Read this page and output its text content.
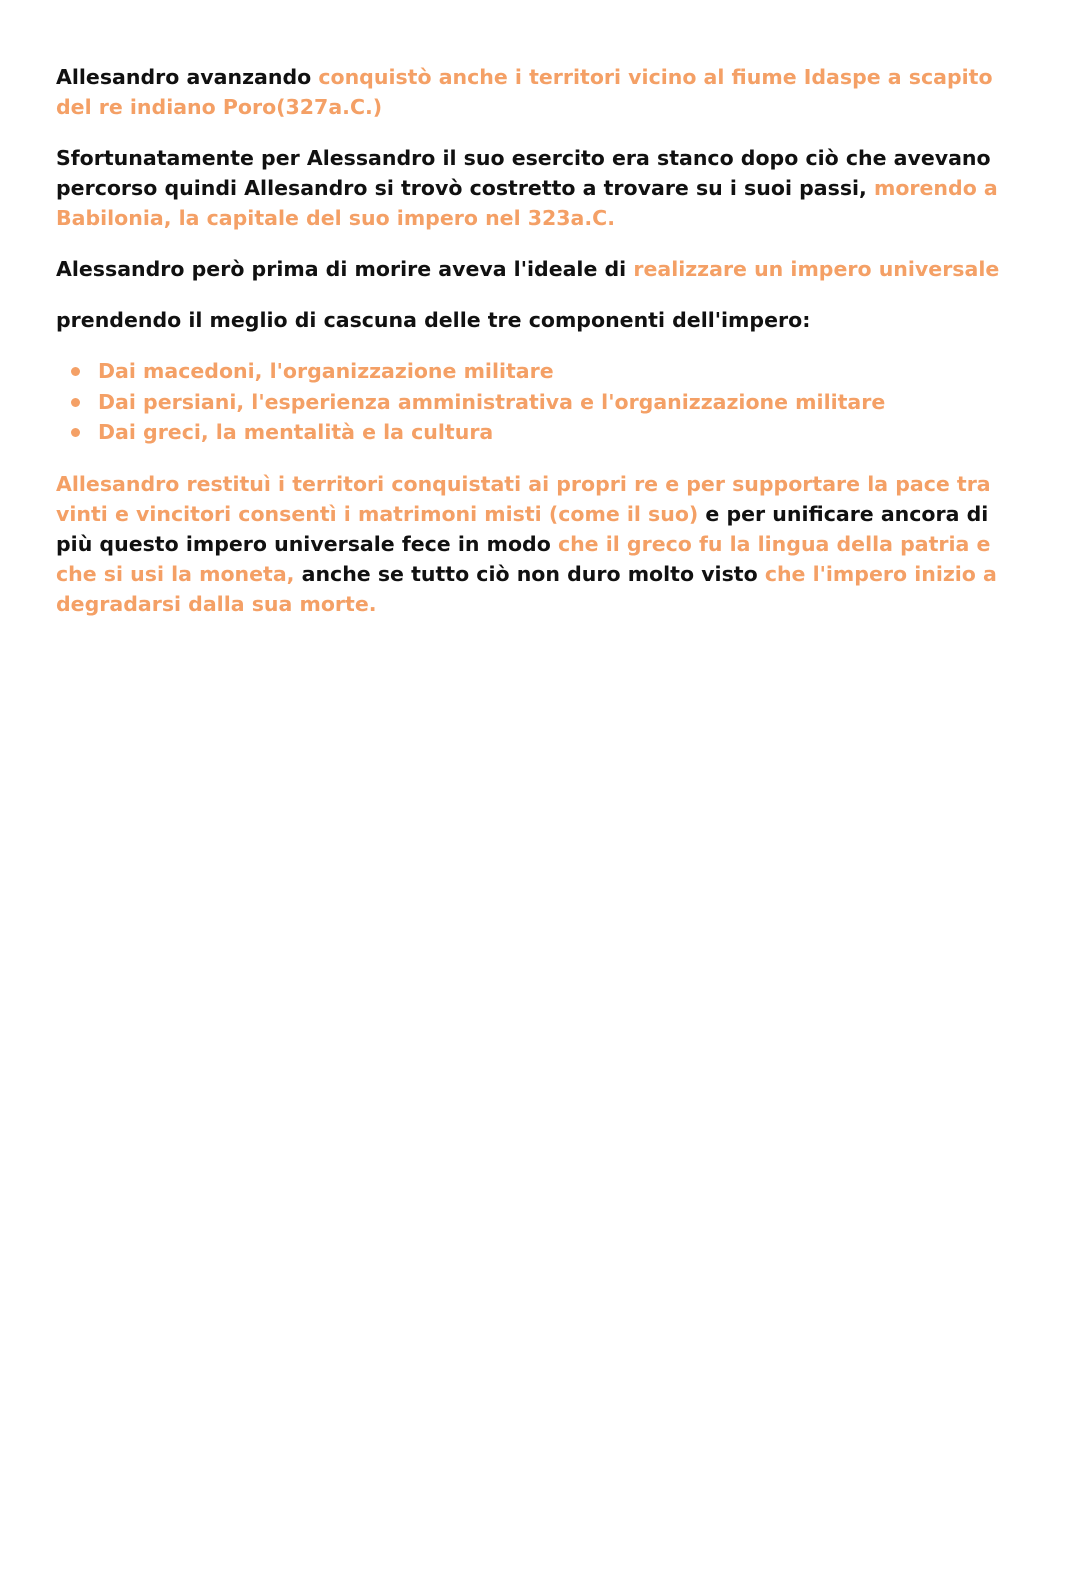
Allesandro avanzando conquistò anche i territori vicino al fiume Idaspe a scapito del re indiano Poro(327a.C.)

Sfortunatamente per Alessandro il suo esercito era stanco dopo ciò che avevano percorso quindi Allesandro si trovò costretto a trovare su i suoi passi, morendo a Babilonia, la capitale del suo impero nel 323a.C.

Alessandro però prima di morire aveva l'ideale di realizzare un impero universale

prendendo il meglio di cascuna delle tre componenti dell'impero:

Dai macedoni, l'organizzazione militare
Dai persiani, l'esperienza amministrativa e l'organizzazione militare
Dai greci, la mentalità e la cultura

Allesandro restituì i territori conquistati ai propri re e per supportare la pace tra vinti e vincitori consentì i matrimoni misti (come il suo) e per unificare ancora di più questo impero universale fece in modo che il greco fu la lingua della patria e che si usi la moneta, anche se tutto ciò non duro molto visto che l'impero inizio a degradarsi dalla sua morte.
